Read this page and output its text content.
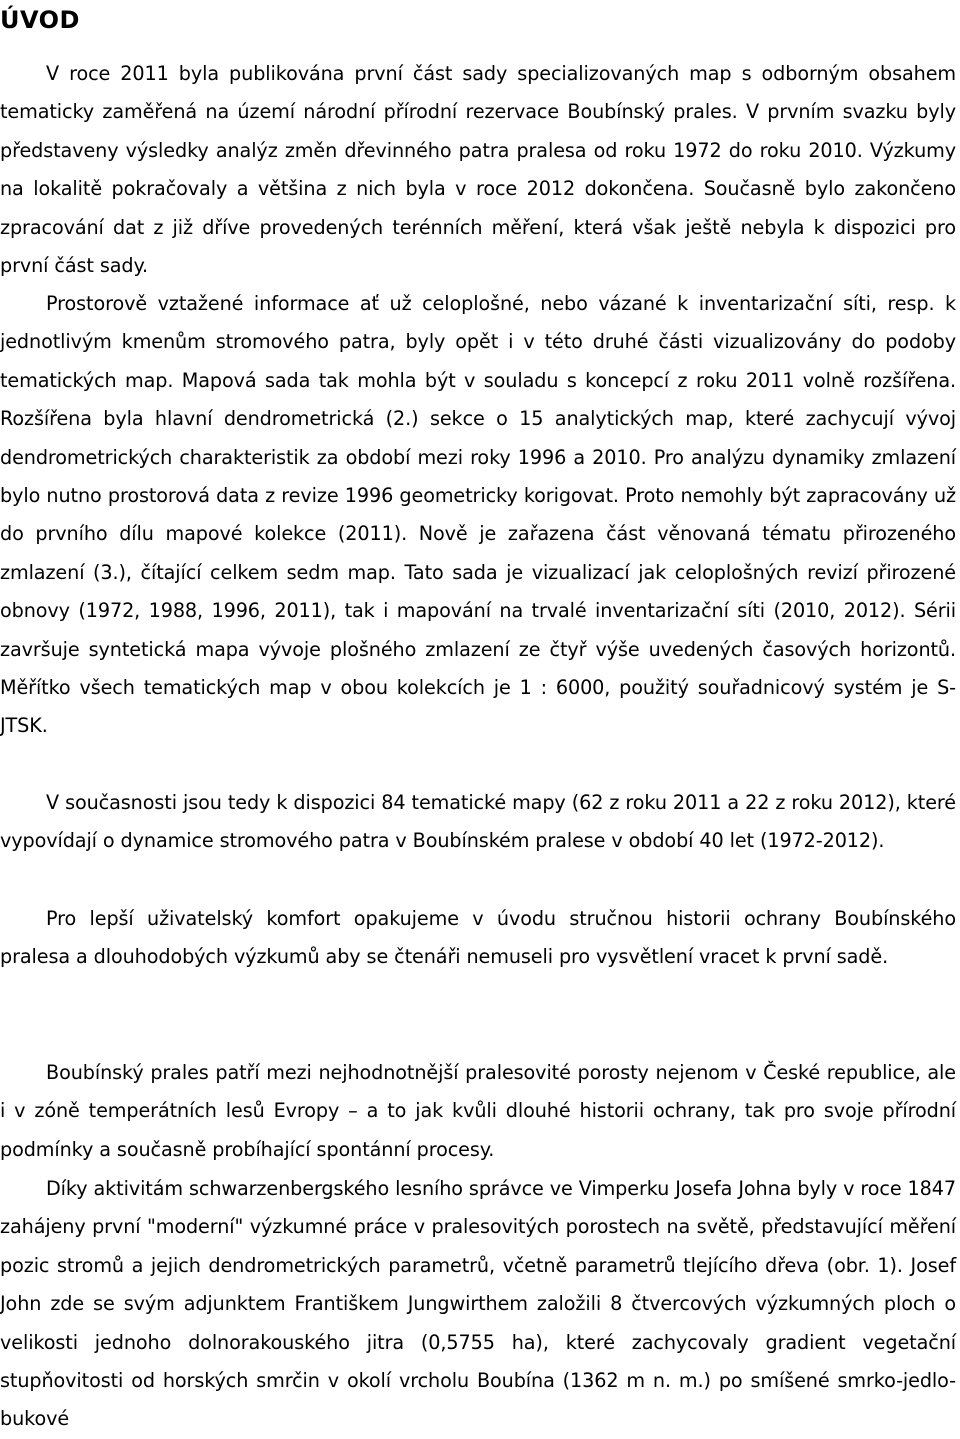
ÚVOD

V roce 2011 byla publikována první část sady specializovaných map s odborným obsahem tematicky zaměřená na území národní přírodní rezervace Boubínský prales. V prvním svazku byly představeny výsledky analýz změn dřevinného patra pralesa od roku 1972 do roku 2010. Výzkumy na lokalitě pokračovaly a většina z nich byla v roce 2012 dokončena. Současně bylo zakončeno zpracování dat z již dříve provedených terénních měření, která však ještě nebyla k dispozici pro první část sady.

Prostorově vztažené informace ať už celoplošné, nebo vázané k inventarizační síti, resp. k jednotlivým kmenům stromového patra, byly opět i v této druhé části vizualizovány do podoby tematických map. Mapová sada tak mohla být v souladu s koncepcí z roku 2011 volně rozšířena. Rozšířena byla hlavní dendrometrická (2.) sekce o 15 analytických map, které zachycují vývoj dendrometrických charakteristik za období mezi roky 1996 a 2010. Pro analýzu dynamiky zmlazení bylo nutno prostorová data z revize 1996 geometricky korigovat. Proto nemohly být zapracovány už do prvního dílu mapové kolekce (2011). Nově je zařazena část věnovaná tématu přirozeného zmlazení (3.), čítající celkem sedm map. Tato sada je vizualizací jak celoplošných revizí přirozené obnovy (1972, 1988, 1996, 2011), tak i mapování na trvalé inventarizační síti (2010, 2012). Sérii završuje syntetická mapa vývoje plošného zmlazení ze čtyř výše uvedených časových horizontů. Měřítko všech tematických map v obou kolekcích je 1 : 6000, použitý souřadnicový systém je S-JTSK.

V současnosti jsou tedy k dispozici 84 tematické mapy (62 z roku 2011 a 22 z roku 2012), které vypovídají o dynamice stromového patra v Boubínském pralese v období 40 let (1972-2012).

Pro lepší uživatelský komfort opakujeme v úvodu stručnou historii ochrany Boubínského pralesa a dlouhodobých výzkumů aby se čtenáři nemuseli pro vysvětlení vracet k první sadě.

Boubínský prales patří mezi nejhodnotnější pralesovité porosty nejenom v České republice, ale i v zóně temperátních lesů Evropy – a to jak kvůli dlouhé historii ochrany, tak pro svoje přírodní podmínky a současně probíhající spontánní procesy.

Díky aktivitám schwarzenbergského lesního správce ve Vimperku Josefa Johna byly v roce 1847 zahájeny první "moderní" výzkumné práce v pralesovitých porostech na světě, představující měření pozic stromů a jejich dendrometrických parametrů, včetně parametrů tlejícího dřeva (obr. 1). Josef John zde se svým adjunktem Františkem Jungwirthem založili 8 čtvercových výzkumných ploch o velikosti jednoho dolnorakouského jitra (0,5755 ha), které zachycovaly gradient vegetační stupňovitosti od horských smrčin v okolí vrcholu Boubína (1362 m n. m.) po smíšené smrko-jedlo-bukové
